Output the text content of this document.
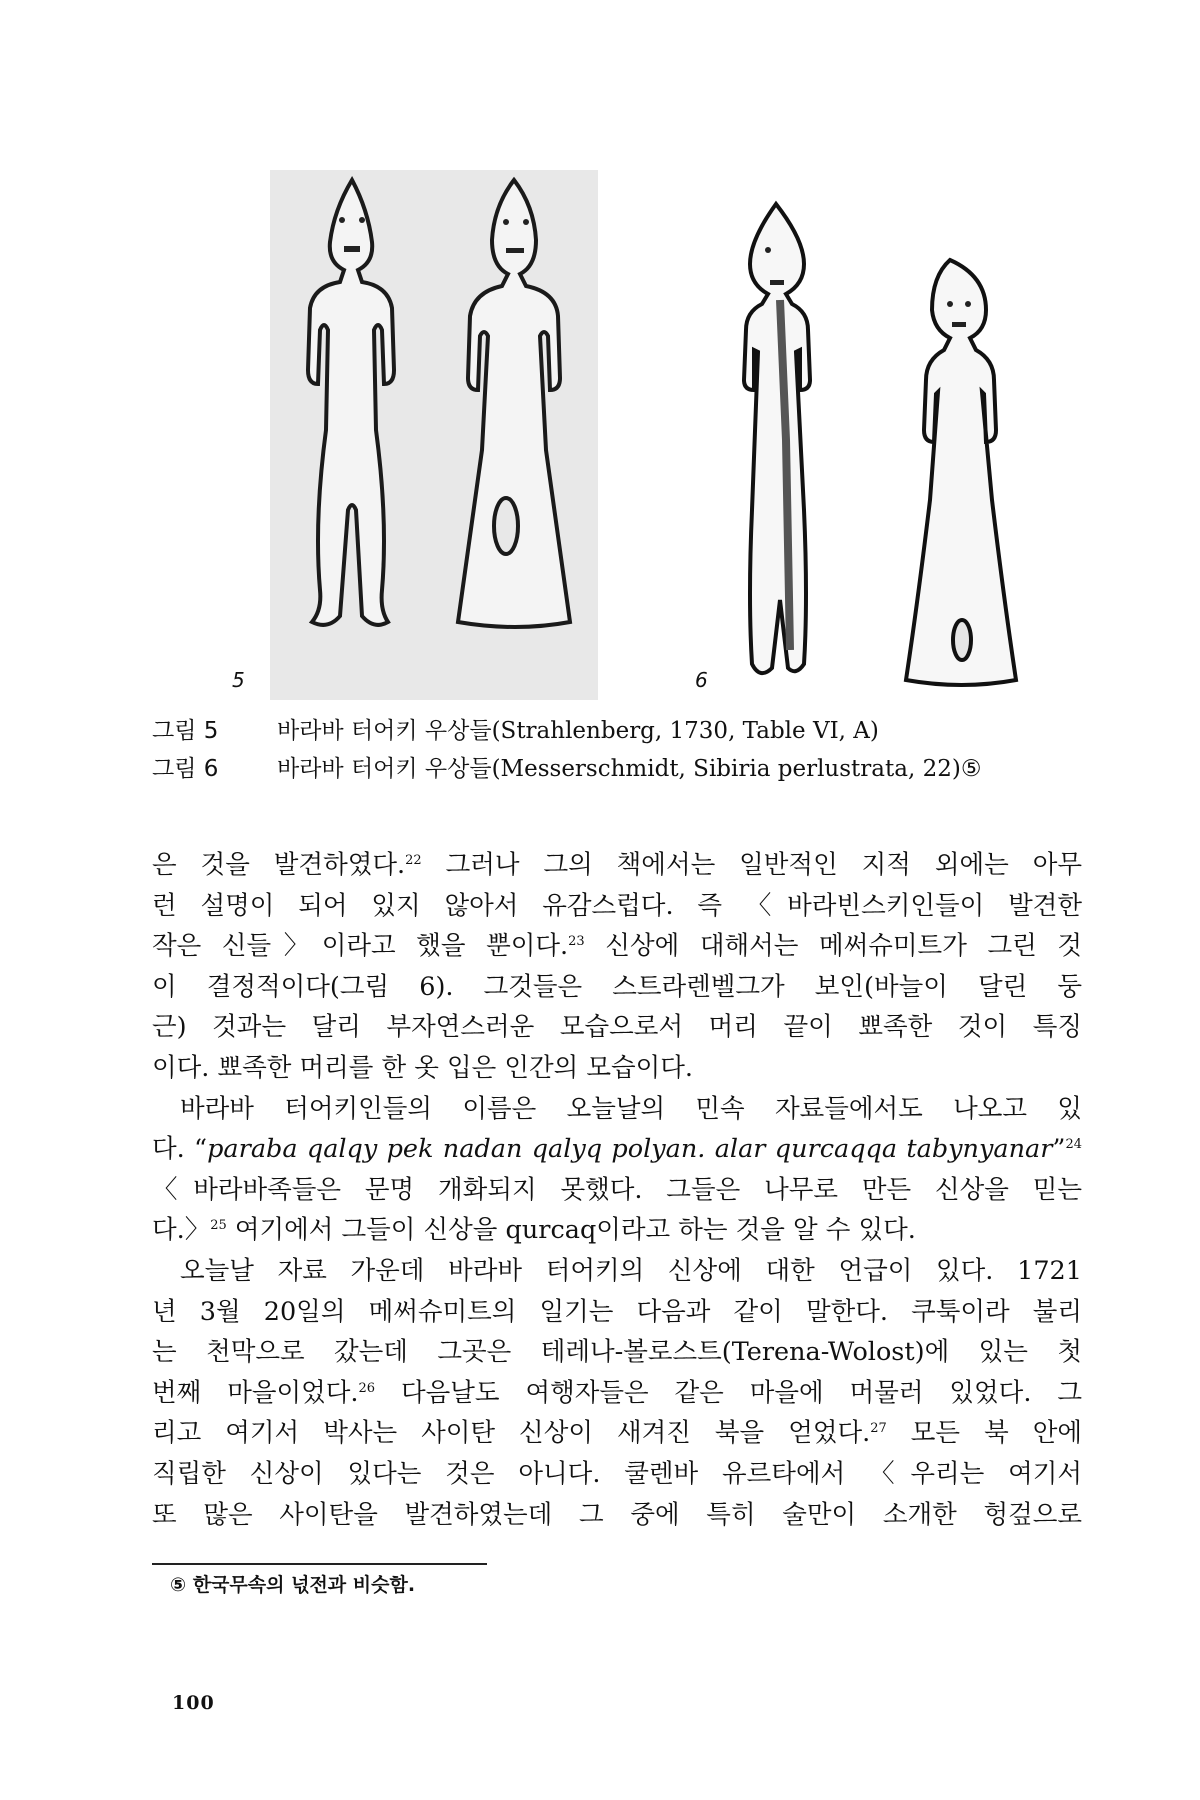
5	6
그림 5	바라바 터어키 우상들(Strahlenberg, 1730, Table VI, A)
그림 6	바라바 터어키 우상들(Messerschmidt, Sibiria perlustrata, 22)⑤
은 것을 발견하였다.$^{22}$ 그러나 그의 책에서는 일반적인 지적 외에는 아무
런 설명이 되어 있지 않아서 유감스럽다. 즉 〈바라빈스키인들이 발견한
작은 신들〉이라고 했을 뿐이다.$^{23}$ 신상에 대해서는 메써슈미트가 그린 것
이 결정적이다(그림 6). 그것들은 스트라렌벨그가 보인(바늘이 달린 둥
근) 것과는 달리 부자연스러운 모습으로서 머리 끝이 뾰족한 것이 특징
이다. 뾰족한 머리를 한 옷 입은 인간의 모습이다.
바라바 터어키인들의 이름은 오늘날의 민속 자료들에서도 나오고 있
다. “paraba qalqy pek nadan qalyq polyan. alar qurcaqqa tabynyanar”$^{24}$
〈바라바족들은 문명 개화되지 못했다. 그들은 나무로 만든 신상을 믿는
다.〉$^{25}$ 여기에서 그들이 신상을 qurcaq이라고 하는 것을 알 수 있다.
오늘날 자료 가운데 바라바 터어키의 신상에 대한 언급이 있다. 1721
년 3월 20일의 메써슈미트의 일기는 다음과 같이 말한다. 쿠툭이라 불리
는 천막으로 갔는데 그곳은 테레나-볼로스트(Terena-Wolost)에 있는 첫
번째 마을이었다.$^{26}$ 다음날도 여행자들은 같은 마을에 머물러 있었다. 그
리고 여기서 박사는 사이탄 신상이 새겨진 북을 얻었다.$^{27}$ 모든 북 안에
직립한 신상이 있다는 것은 아니다. 쿨렌바 유르타에서 〈우리는 여기서
또 많은 사이탄을 발견하였는데 그 중에 특히 술만이 소개한 헝겊으로
⑤ 한국무속의 넋전과 비슷함.
100
